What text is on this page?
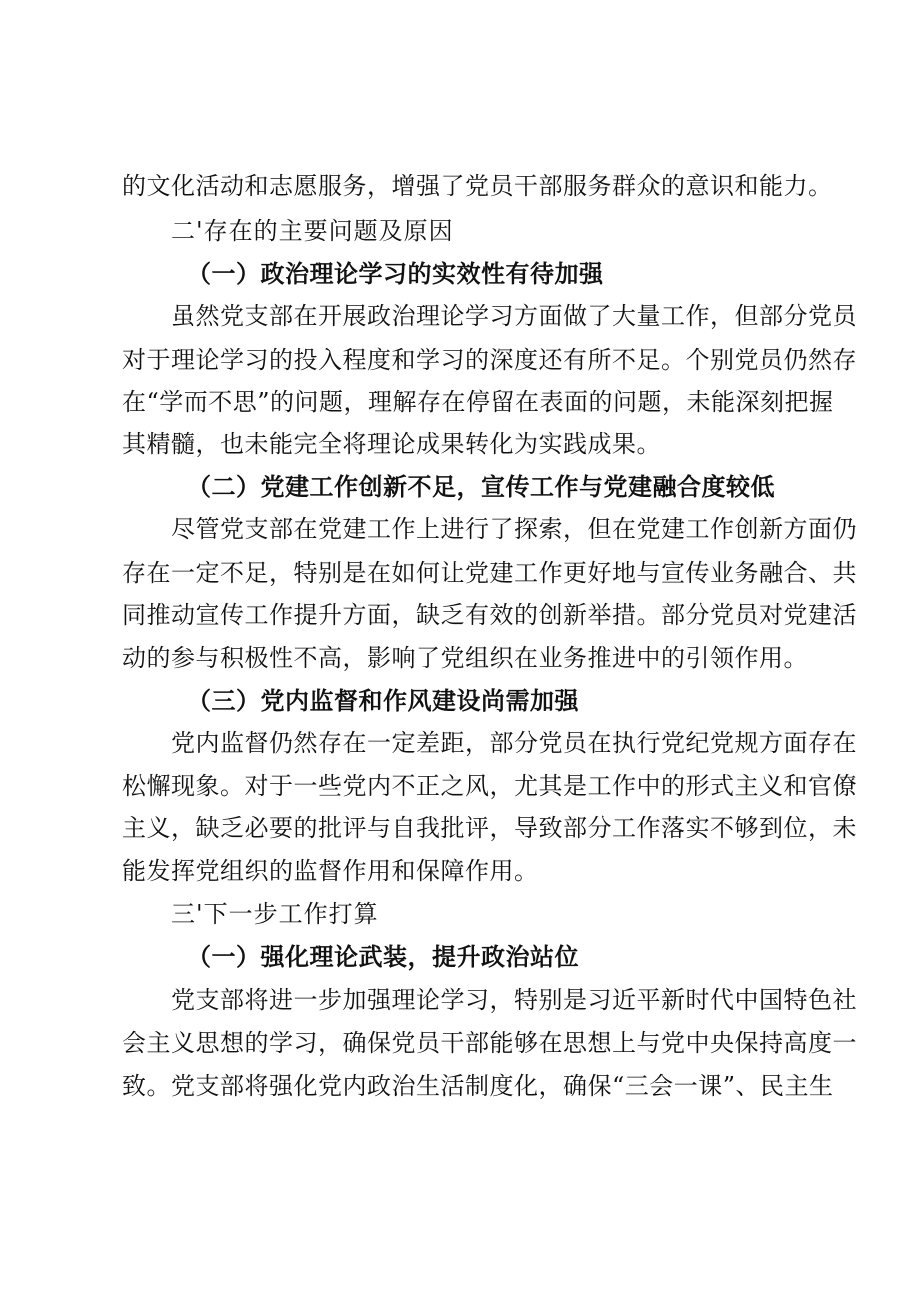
的文化活动和志愿服务，增强了党员干部服务群众的意识和能力。
二'存在的主要问题及原因
（一）政治理论学习的实效性有待加强
虽然党支部在开展政治理论学习方面做了大量工作，但部分党员
对于理论学习的投入程度和学习的深度还有所不足。个别党员仍然存
在“学而不思”的问题，理解存在停留在表面的问题，未能深刻把握
其精髓，也未能完全将理论成果转化为实践成果。
（二）党建工作创新不足，宣传工作与党建融合度较低
尽管党支部在党建工作上进行了探索，但在党建工作创新方面仍
存在一定不足，特别是在如何让党建工作更好地与宣传业务融合、共
同推动宣传工作提升方面，缺乏有效的创新举措。部分党员对党建活
动的参与积极性不高，影响了党组织在业务推进中的引领作用。
（三）党内监督和作风建设尚需加强
党内监督仍然存在一定差距，部分党员在执行党纪党规方面存在
松懈现象。对于一些党内不正之风，尤其是工作中的形式主义和官僚
主义，缺乏必要的批评与自我批评，导致部分工作落实不够到位，未
能发挥党组织的监督作用和保障作用。
三'下一步工作打算
（一）强化理论武装，提升政治站位
党支部将进一步加强理论学习，特别是习近平新时代中国特色社
会主义思想的学习，确保党员干部能够在思想上与党中央保持高度一
致。党支部将强化党内政治生活制度化，确保“三会一课”、民主生
